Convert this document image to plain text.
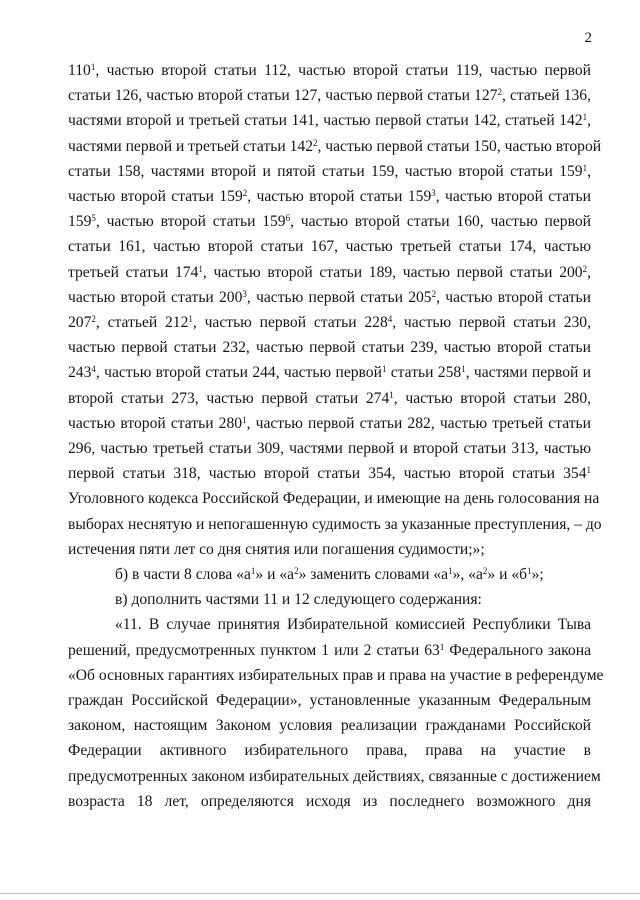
2
$110^1$, частью второй статьи 112, частью второй статьи 119, частью первой
статьи 126, частью второй статьи 127, частью первой статьи $127^2$, статьей 136,
частями второй и третьей статьи 141, частью первой статьи 142, статьей $142^1$,
частями первой и третьей статьи $142^2$, частью первой статьи 150, частью второй
статьи 158, частями второй и пятой статьи 159, частью второй статьи $159^1$,
частью второй статьи $159^2$, частью второй статьи $159^3$, частью второй статьи
$159^5$, частью второй статьи $159^6$, частью второй статьи 160, частью первой
статьи 161, частью второй статьи 167, частью третьей статьи 174, частью
третьей статьи $174^1$, частью второй статьи 189, частью первой статьи $200^2$,
частью второй статьи $200^3$, частью первой статьи $205^2$, частью второй статьи
$207^2$, статьей $212^1$, частью первой статьи $228^4$, частью первой статьи 230,
частью первой статьи 232, частью первой статьи 239, частью второй статьи
$243^4$, частью второй статьи 244, частью первой$^1$ статьи $258^1$, частями первой и
второй статьи 273, частью первой статьи $274^1$, частью второй статьи 280,
частью второй статьи $280^1$, частью первой статьи 282, частью третьей статьи
296, частью третьей статьи 309, частями первой и второй статьи 313, частью
первой статьи 318, частью второй статьи 354, частью второй статьи $354^1$
Уголовного кодекса Российской Федерации, и имеющие на день голосования на
выборах неснятую и непогашенную судимость за указанные преступления, – до
истечения пяти лет со дня снятия или погашения судимости;»;
б) в части 8 слова «$а^1$» и «$а^2$» заменить словами «$а^1$», «$а^2$» и «$б^1$»;
в) дополнить частями 11 и 12 следующего содержания:
«11. В случае принятия Избирательной комиссией Республики Тыва
решений, предусмотренных пунктом 1 или 2 статьи $63^1$ Федерального закона
«Об основных гарантиях избирательных прав и права на участие в референдуме
граждан Российской Федерации», установленные указанным Федеральным
законом, настоящим Законом условия реализации гражданами Российской
Федерации активного избирательного права, права на участие в
предусмотренных законом избирательных действиях, связанные с достижением
возраста 18 лет, определяются исходя из последнего возможного дня
